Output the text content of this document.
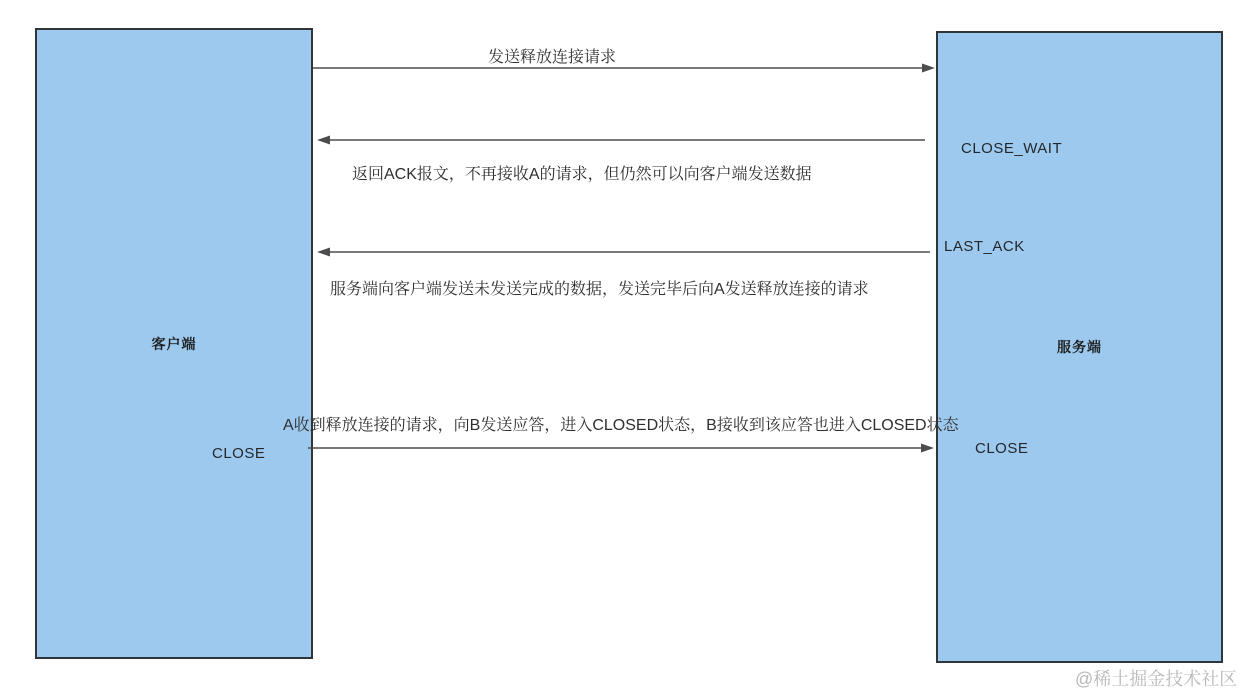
客户端	服务端
发送释放连接请求
返回ACK报文，不再接收A的请求，但仍然可以向客户端发送数据
服务端向客户端发送未发送完成的数据，发送完毕后向A发送释放连接的请求
A收到释放连接的请求，向B发送应答，进入CLOSED状态，B接收到该应答也进入CLOSED状态
CLOSE_WAIT
LAST_ACK
CLOSE
CLOSE
@稀土掘金技术社区
